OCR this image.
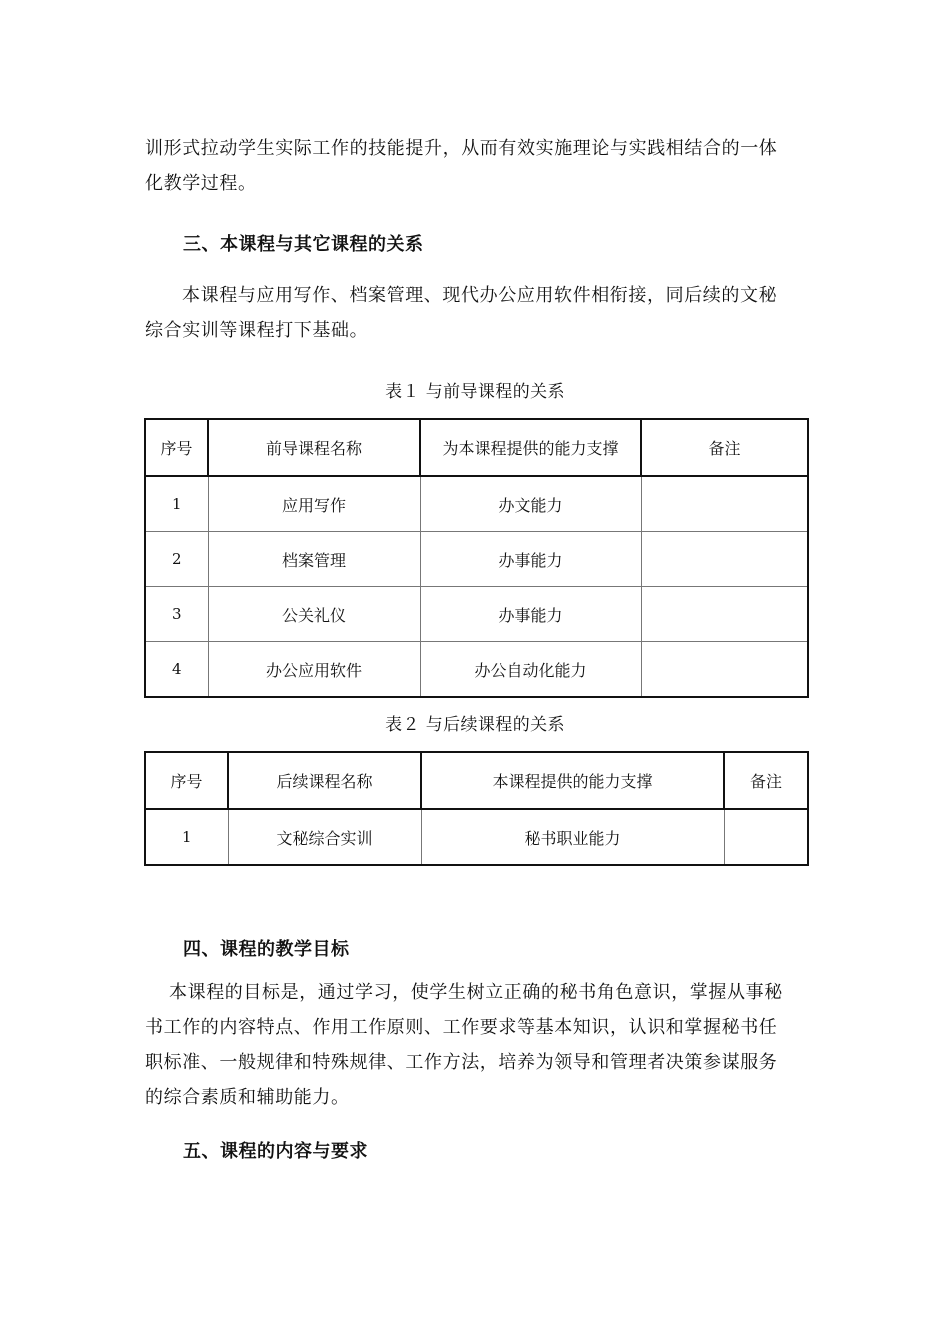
训形式拉动学生实际工作的技能提升，从而有效实施理论与实践相结合的一体
化教学过程。
三、本课程与其它课程的关系
本课程与应用写作、档案管理、现代办公应用软件相衔接，同后续的文秘
综合实训等课程打下基础。
表１ 与前导课程的关系
序号	前导课程名称	为本课程提供的能力支撑	备注
1	应用写作	办文能力	
2	档案管理	办事能力	
3	公关礼仪	办事能力	
4	办公应用软件	办公自动化能力	
表２ 与后续课程的关系
序号	后续课程名称	本课程提供的能力支撑	备注
1	文秘综合实训	秘书职业能力	
四、课程的教学目标
本课程的目标是，通过学习，使学生树立正确的秘书角色意识，掌握从事秘
书工作的内容特点、作用工作原则、工作要求等基本知识，认识和掌握秘书任
职标准、一般规律和特殊规律、工作方法，培养为领导和管理者决策参谋服务
的综合素质和辅助能力。
五、课程的内容与要求
